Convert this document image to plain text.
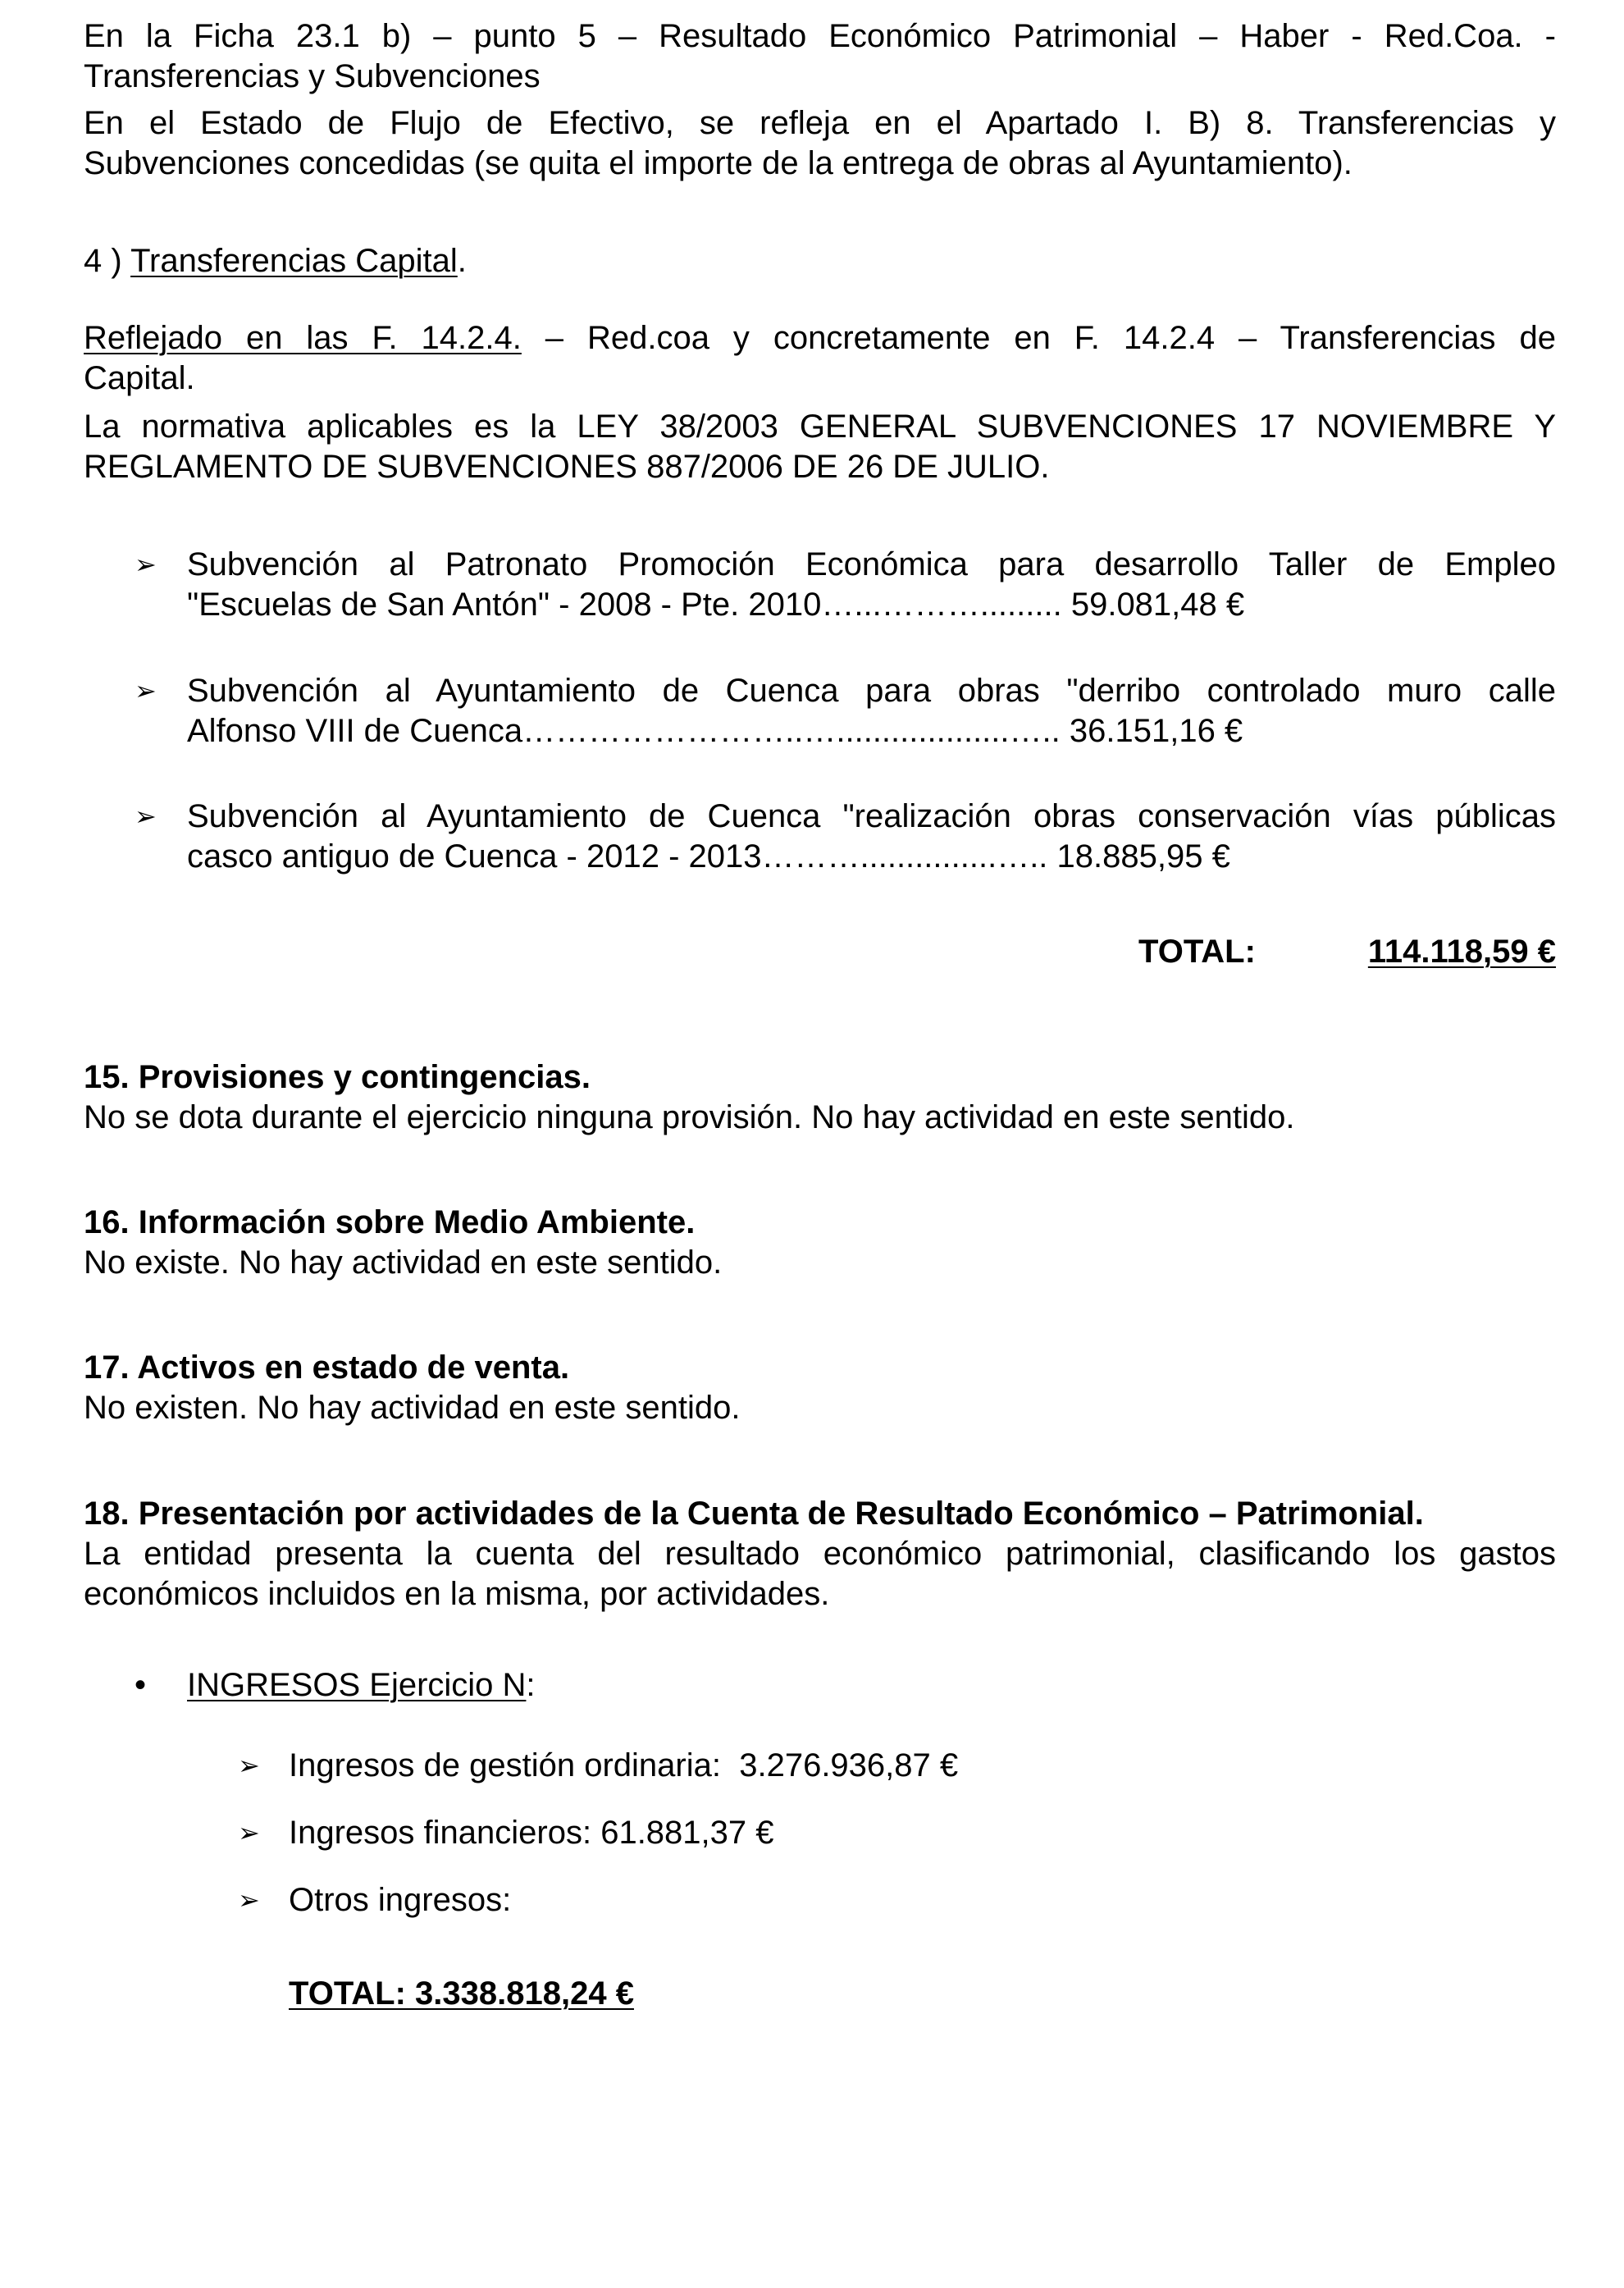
En la Ficha 23.1 b) – punto 5 – Resultado Económico Patrimonial – Haber - Red.Coa. -
Transferencias y Subvenciones
En el Estado de Flujo de Efectivo, se refleja en el Apartado I. B) 8. Transferencias y
Subvenciones concedidas (se quita el importe de la entrega de obras al Ayuntamiento).
4 ) Transferencias Capital.
Reflejado en las F. 14.2.4. – Red.coa y concretamente en F. 14.2.4 – Transferencias de
Capital.
La normativa aplicables es la LEY 38/2003 GENERAL SUBVENCIONES 17 NOVIEMBRE Y
REGLAMENTO DE SUBVENCIONES 887/2006 DE 26 DE JULIO.
➢ Subvención al Patronato Promoción Económica para desarrollo Taller de Empleo
"Escuelas de San Antón" - 2008 - Pte. 2010…...………......... 59.081,48 €
➢ Subvención al Ayuntamiento de Cuenca para obras "derribo controlado muro calle
Alfonso VIII de Cuenca……………………..…...................….. 36.151,16 €
➢ Subvención al Ayuntamiento de Cuenca "realización obras conservación vías públicas
casco antiguo de Cuenca - 2012 - 2013………...............….. 18.885,95 €
TOTAL:	114.118,59 €
15. Provisiones y contingencias.
No se dota durante el ejercicio ninguna provisión. No hay actividad en este sentido.
16. Información sobre Medio Ambiente.
No existe. No hay actividad en este sentido.
17. Activos en estado de venta.
No existen. No hay actividad en este sentido.
18. Presentación por actividades de la Cuenta de Resultado Económico – Patrimonial.
La entidad presenta la cuenta del resultado económico patrimonial, clasificando los gastos
económicos incluidos en la misma, por actividades.
• INGRESOS Ejercicio N:
➢ Ingresos de gestión ordinaria:  3.276.936,87 €
➢ Ingresos financieros: 61.881,37 €
➢ Otros ingresos:
TOTAL: 3.338.818,24 €
